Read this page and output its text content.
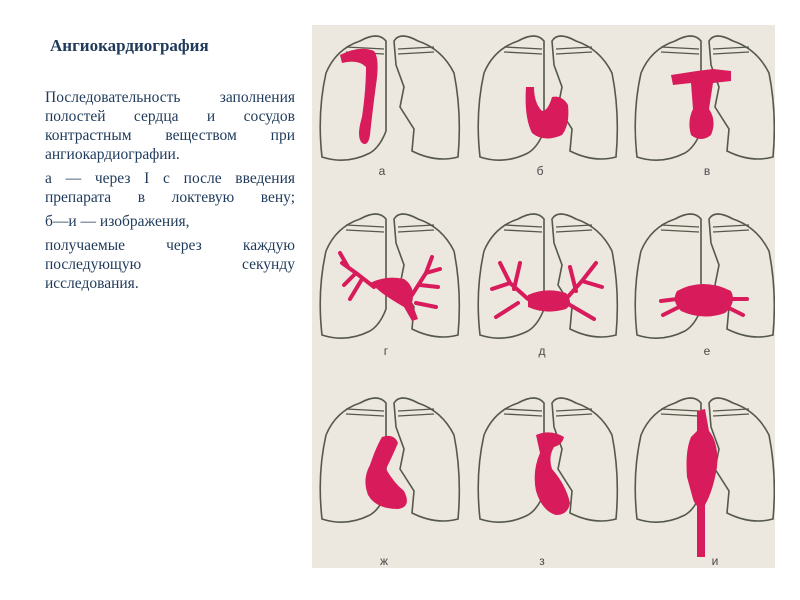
Ангиокардиография

Последовательность заполнения полостей сердца и сосудов контрастным веществом при ангиокардиографии.

а — через I с после введения препарата в локтевую вену;

б—и — изображения,

получаемые через каждую последующую секунду исследования.

а	б	в
г	д	е
ж	з	и
